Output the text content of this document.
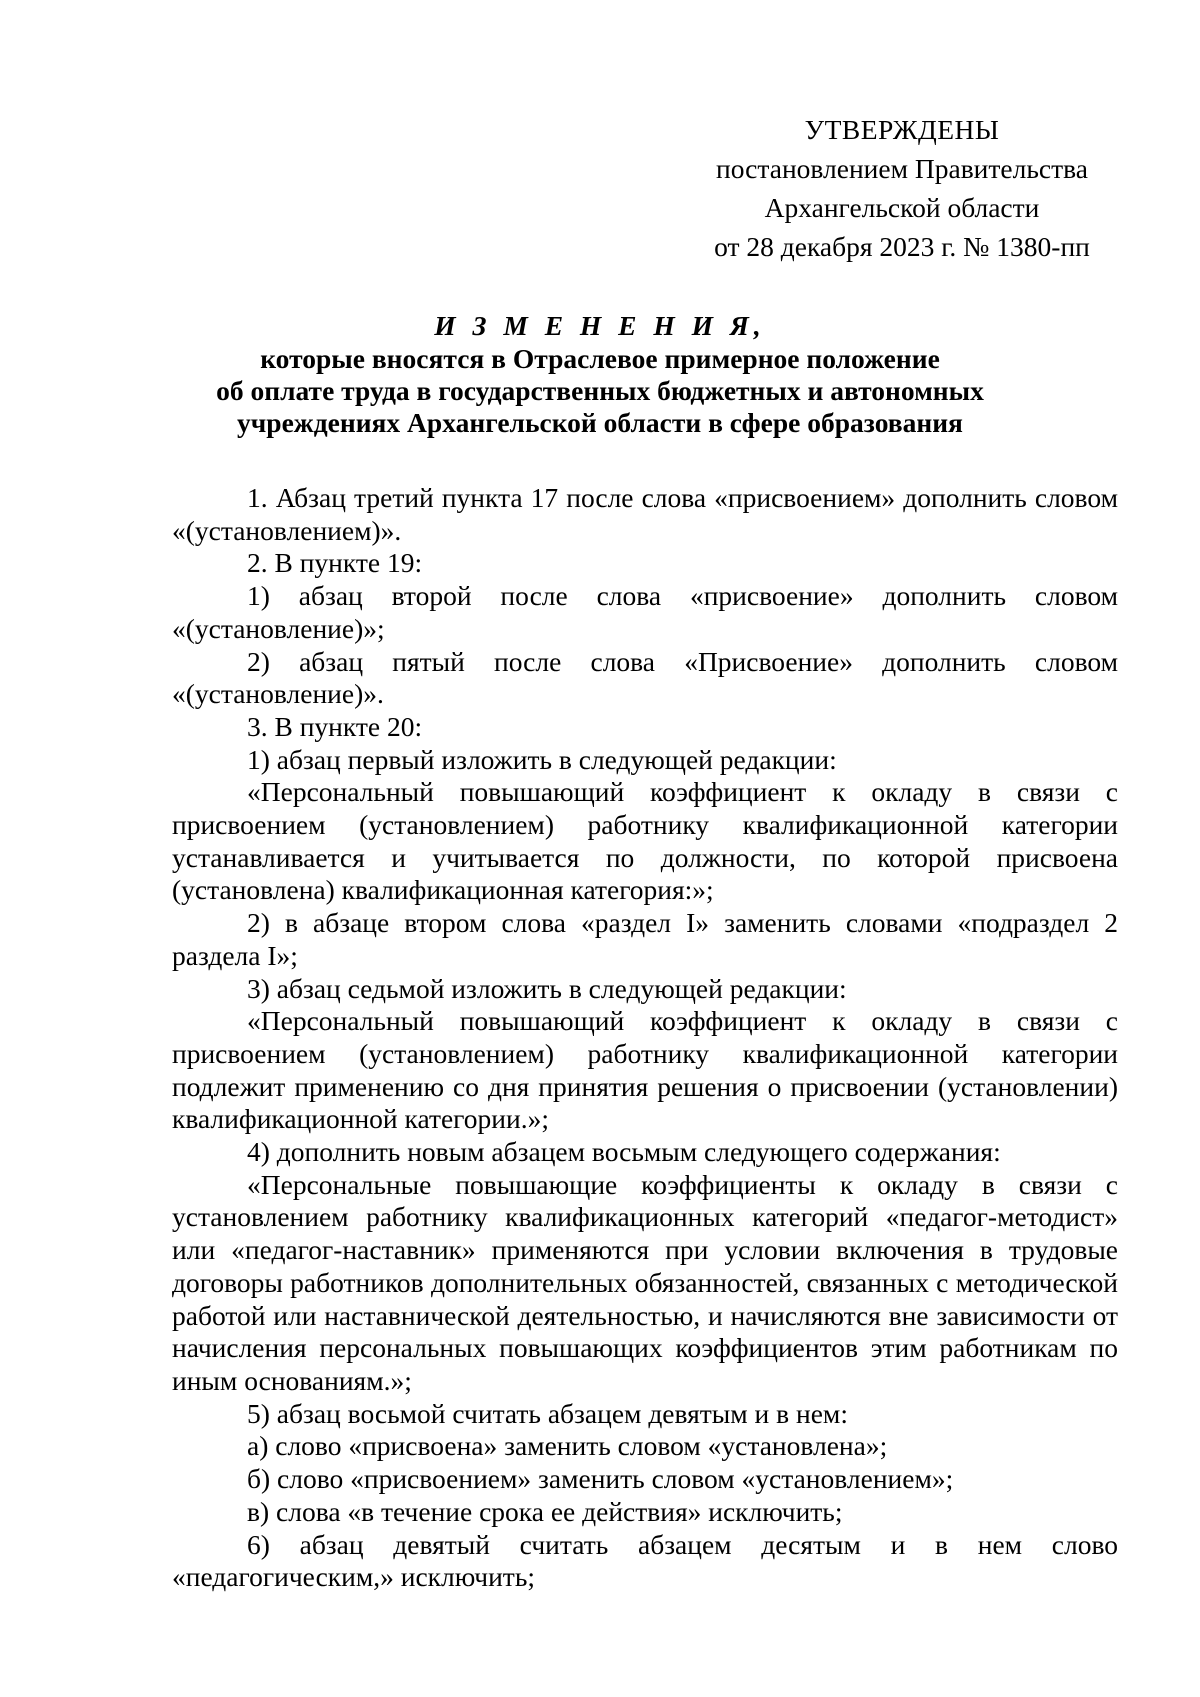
УТВЕРЖДЕНЫ
постановлением Правительства
Архангельской области
от 28 декабря 2023 г. № 1380-пп
И З М Е Н Е Н И Я,
которые вносятся в Отраслевое примерное положение
об оплате труда в государственных бюджетных и автономных
учреждениях Архангельской области в сфере образования

1. Абзац третий пункта 17 после слова «присвоением» дополнить словом «(установлением)».

2. В пункте 19:

1) абзац второй после слова «присвоение» дополнить словом «(установление)»;

2) абзац пятый после слова «Присвоение» дополнить словом «(установление)».

3. В пункте 20:

1) абзац первый изложить в следующей редакции:

«Персональный повышающий коэффициент к окладу в связи с присвоением (установлением) работнику квалификационной категории устанавливается и учитывается по должности, по которой присвоена (установлена) квалификационная категория:»;

2) в абзаце втором слова «раздел I» заменить словами «подраздел 2 раздела I»;

3) абзац седьмой изложить в следующей редакции:

«Персональный повышающий коэффициент к окладу в связи с присвоением (установлением) работнику квалификационной категории подлежит применению со дня принятия решения о присвоении (установлении) квалификационной категории.»;

4) дополнить новым абзацем восьмым следующего содержания:

«Персональные повышающие коэффициенты к окладу в связи с установлением работнику квалификационных категорий «педагог-методист» или «педагог-наставник» применяются при условии включения в трудовые договоры работников дополнительных обязанностей, связанных с методической работой или наставнической деятельностью, и начисляются вне зависимости от начисления персональных повышающих коэффициентов этим работникам по иным основаниям.»;

5) абзац восьмой считать абзацем девятым и в нем:

а) слово «присвоена» заменить словом «установлена»;

б) слово «присвоением» заменить словом «установлением»;

в) слова «в течение срока ее действия» исключить;

6) абзац девятый считать абзацем десятым и в нем слово «педагогическим,» исключить;
